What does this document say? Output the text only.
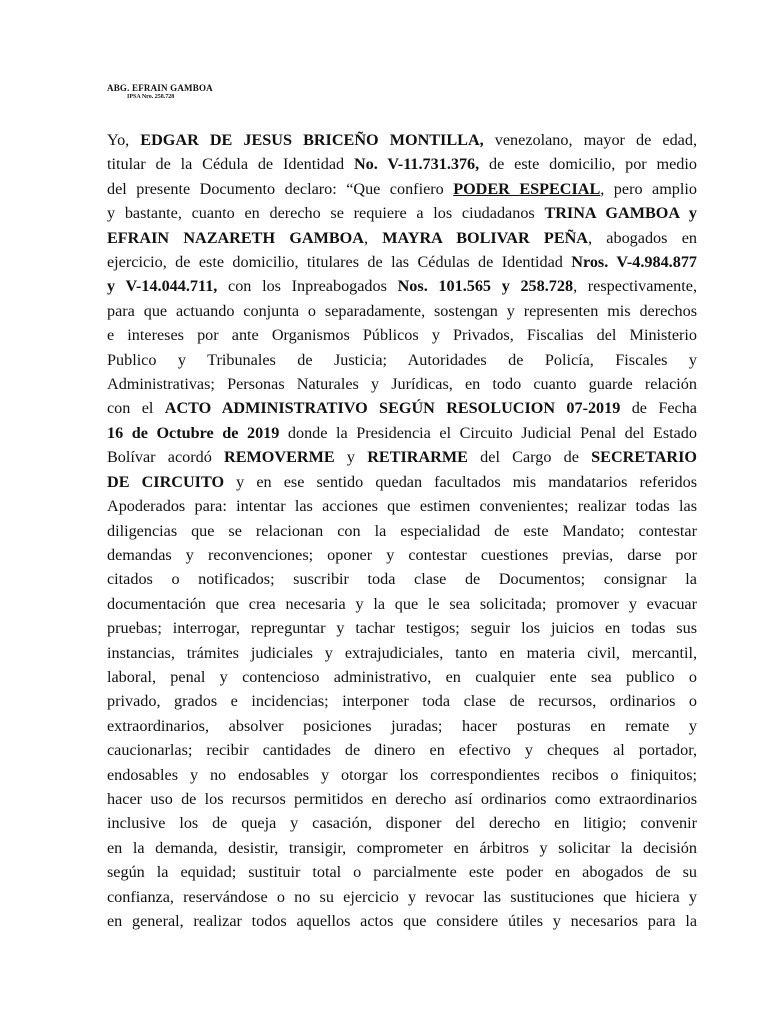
ABG. EFRAIN GAMBOA
IPSA Nro. 258.728
Yo, EDGAR DE JESUS BRICEÑO MONTILLA, venezolano, mayor de edad,
titular de la Cédula de Identidad No. V-11.731.376, de este domicilio, por medio
del presente Documento declaro: “Que confiero PODER ESPECIAL, pero amplio
y bastante, cuanto en derecho se requiere a los ciudadanos TRINA GAMBOA y
EFRAIN NAZARETH GAMBOA, MAYRA BOLIVAR PEÑA, abogados en
ejercicio, de este domicilio, titulares de las Cédulas de Identidad Nros. V-4.984.877
y V-14.044.711, con los Inpreabogados Nos. 101.565 y 258.728, respectivamente,
para que actuando conjunta o separadamente, sostengan y representen mis derechos
e intereses por ante Organismos Públicos y Privados, Fiscalias del Ministerio
Publico y Tribunales de Justicia; Autoridades de Policía, Fiscales y
Administrativas; Personas Naturales y Jurídicas, en todo cuanto guarde relación
con el ACTO ADMINISTRATIVO SEGÚN RESOLUCION 07-2019 de Fecha
16 de Octubre de 2019 donde la Presidencia el Circuito Judicial Penal del Estado
Bolívar acordó REMOVERME y RETIRARME del Cargo de SECRETARIO
DE CIRCUITO y en ese sentido quedan facultados mis mandatarios referidos
Apoderados para: intentar las acciones que estimen convenientes; realizar todas las
diligencias que se relacionan con la especialidad de este Mandato; contestar
demandas y reconvenciones; oponer y contestar cuestiones previas, darse por
citados o notificados; suscribir toda clase de Documentos; consignar la
documentación que crea necesaria y la que le sea solicitada; promover y evacuar
pruebas; interrogar, repreguntar y tachar testigos; seguir los juicios en todas sus
instancias, trámites judiciales y extrajudiciales, tanto en materia civil, mercantil,
laboral, penal y contencioso administrativo, en cualquier ente sea publico o
privado, grados e incidencias; interponer toda clase de recursos, ordinarios o
extraordinarios, absolver posiciones juradas; hacer posturas en remate y
caucionarlas; recibir cantidades de dinero en efectivo y cheques al portador,
endosables y no endosables y otorgar los correspondientes recibos o finiquitos;
hacer uso de los recursos permitidos en derecho así ordinarios como extraordinarios
inclusive los de queja y casación, disponer del derecho en litigio; convenir
en la demanda, desistir, transigir, comprometer en árbitros y solicitar la decisión
según la equidad; sustituir total o parcialmente este poder en abogados de su
confianza, reservándose o no su ejercicio y revocar las sustituciones que hiciera y
en general, realizar todos aquellos actos que considere útiles y necesarios para la
